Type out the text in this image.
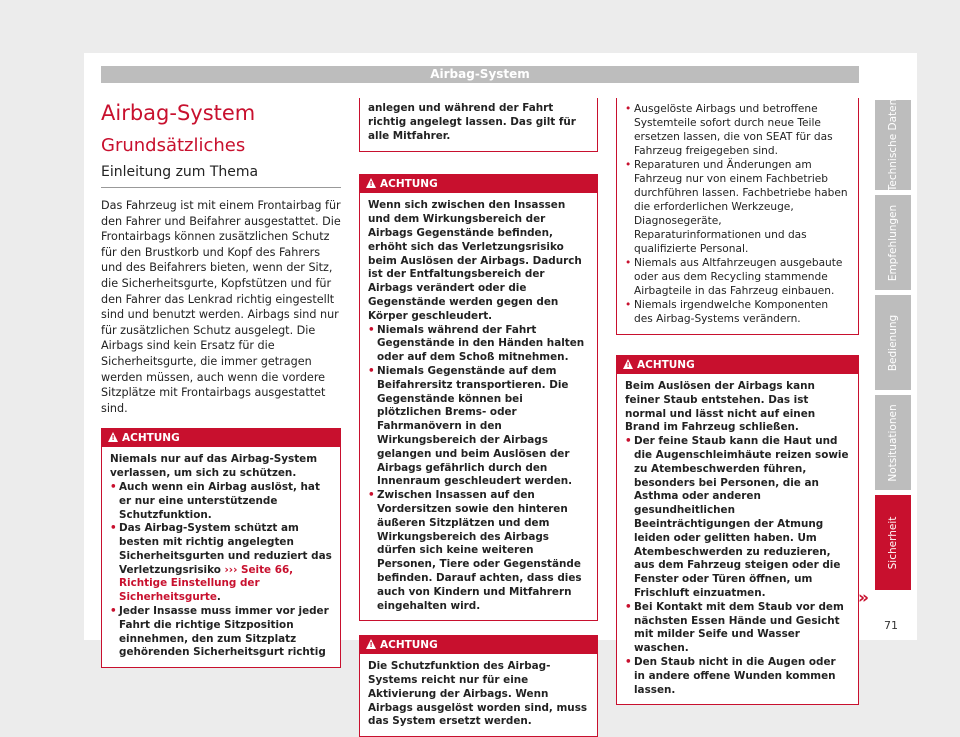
Airbag-System
Airbag-System
Grundsätzliches
Einleitung zum Thema

Das Fahrzeug ist mit einem Frontairbag für den Fahrer und Beifahrer ausgestattet. Die Frontairbags können zusätzlichen Schutz für den Brustkorb und Kopf des Fahrers und des Beifahrers bieten, wenn der Sitz, die Sicherheitsgurte, Kopfstützen und für den Fahrer das Lenkrad richtig eingestellt sind und benutzt werden. Airbags sind nur für zusätzlichen Schutz ausgelegt. Die Airbags sind kein Ersatz für die Sicherheitsgurte, die immer getragen werden müssen, auch wenn die vordere Sitzplätze mit Frontairbags ausgestattet sind.

!
ACHTUNG
Niemals nur auf das Airbag-System verlassen, um sich zu schützen.
• Auch wenn ein Airbag auslöst, hat er nur eine unterstützende Schutzfunktion.
• Das Airbag-System schützt am besten mit richtig angelegten Sicherheitsgurten und reduziert das Verletzungsrisiko ››› Seite 66, Richtige Einstellung der Sicherheitsgurte.
• Jeder Insasse muss immer vor jeder Fahrt die richtige Sitzposition einnehmen, den zum Sitzplatz gehörenden Sicherheitsgurt richtig
anlegen und während der Fahrt richtig angelegt lassen. Das gilt für alle Mitfahrer.
!
ACHTUNG
Wenn sich zwischen den Insassen und dem Wirkungsbereich der Airbags Gegenstände befinden, erhöht sich das Verletzungsrisiko beim Auslösen der Airbags. Dadurch ist der Entfaltungsbereich der Airbags verändert oder die Gegenstände werden gegen den Körper geschleudert.
• Niemals während der Fahrt Gegenstände in den Händen halten oder auf dem Schoß mitnehmen.
• Niemals Gegenstände auf dem Beifahrersitz transportieren. Die Gegenstände können bei plötzlichen Brems- oder Fahrmanövern in den Wirkungsbereich der Airbags gelangen und beim Auslösen der Airbags gefährlich durch den Innenraum geschleudert werden.
• Zwischen Insassen auf den Vordersitzen sowie den hinteren äußeren Sitzplätzen und dem Wirkungsbereich des Airbags dürfen sich keine weiteren Personen, Tiere oder Gegenstände befinden. Darauf achten, dass dies auch von Kindern und Mitfahrern eingehalten wird.
!
ACHTUNG
Die Schutzfunktion des Airbag-Systems reicht nur für eine Aktivierung der Airbags. Wenn Airbags ausgelöst worden sind, muss das System ersetzt werden.
• Ausgelöste Airbags und betroffene Systemteile sofort durch neue Teile ersetzen lassen, die von SEAT für das Fahrzeug freigegeben sind.
• Reparaturen und Änderungen am Fahrzeug nur von einem Fachbetrieb durchführen lassen. Fachbetriebe haben die erforderlichen Werkzeuge, Diagnosegeräte, Reparaturinformationen und das qualifizierte Personal.
• Niemals aus Altfahrzeugen ausgebaute oder aus dem Recycling stammende Airbagteile in das Fahrzeug einbauen.
• Niemals irgendwelche Komponenten des Airbag-Systems verändern.
!
ACHTUNG
Beim Auslösen der Airbags kann feiner Staub entstehen. Das ist normal und lässt nicht auf einen Brand im Fahrzeug schließen.
• Der feine Staub kann die Haut und die Augenschleimhäute reizen sowie zu Atembeschwerden führen, besonders bei Personen, die an Asthma oder anderen gesundheitlichen Beeinträchtigungen der Atmung leiden oder gelitten haben. Um Atembeschwerden zu reduzieren, aus dem Fahrzeug steigen oder die Fenster oder Türen öffnen, um Frischluft einzuatmen.
• Bei Kontakt mit dem Staub vor dem nächsten Essen Hände und Gesicht mit milder Seife und Wasser waschen.
• Den Staub nicht in die Augen oder in andere offene Wunden kommen lassen.
Technische Daten
Empfehlungen
Bedienung
Notsituationen
Sicherheit
»
71
